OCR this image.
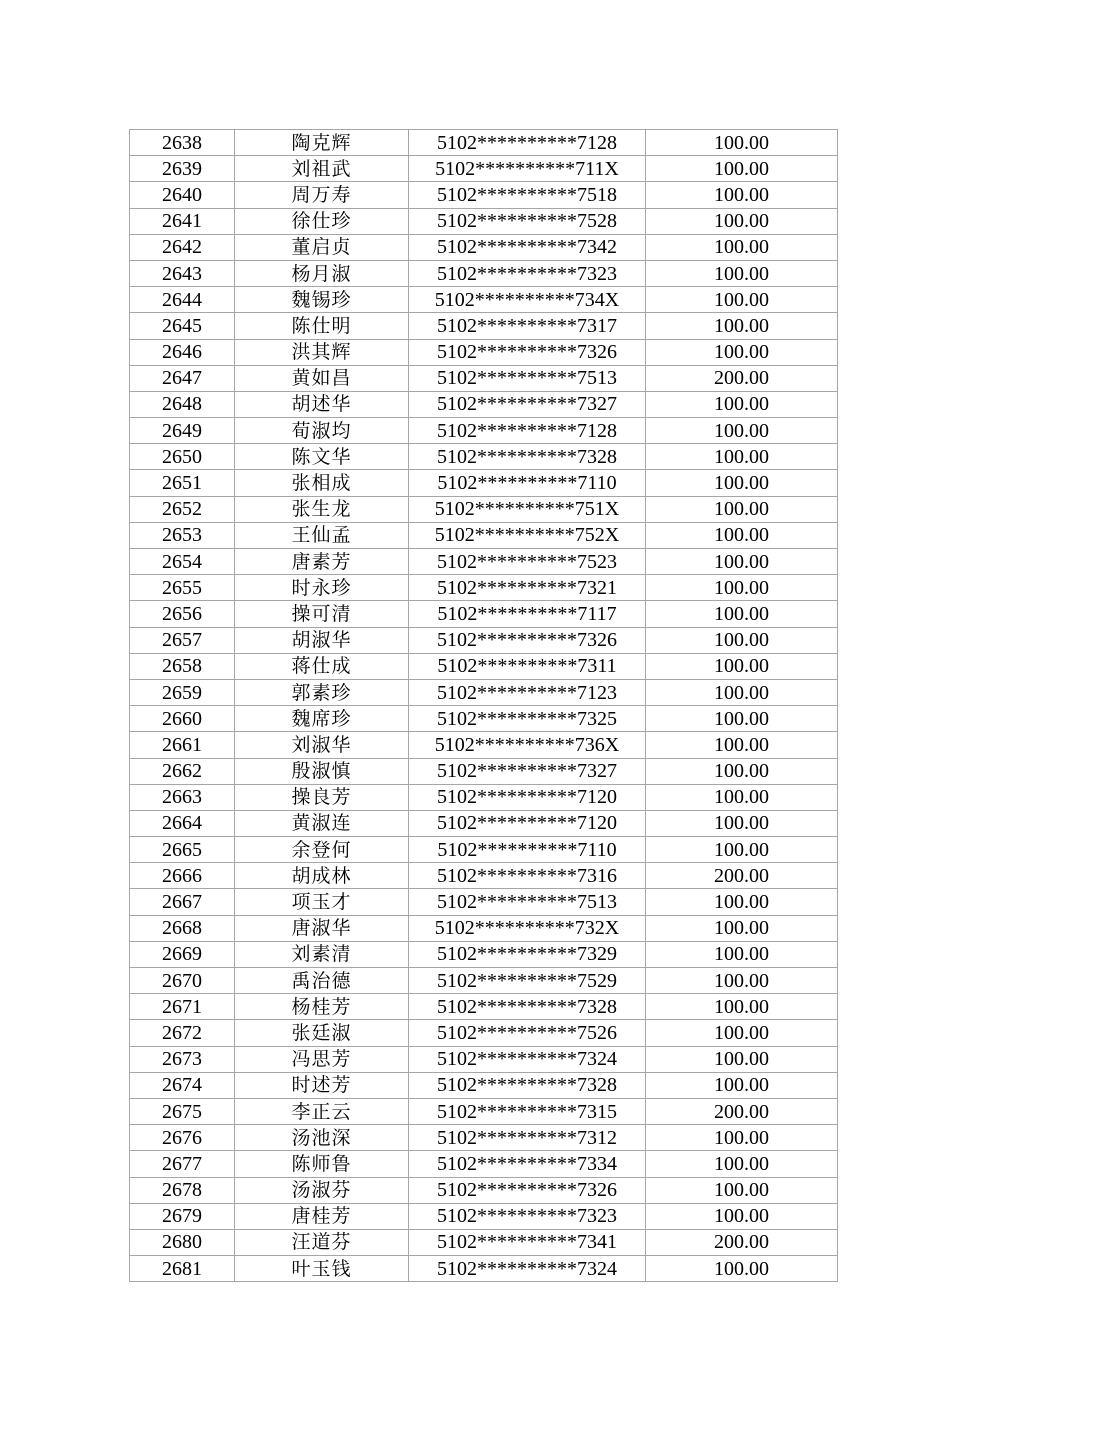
2638	陶克辉	5102**********7128	100.00
2639	刘祖武	5102**********711X	100.00
2640	周万寿	5102**********7518	100.00
2641	徐仕珍	5102**********7528	100.00
2642	董启贞	5102**********7342	100.00
2643	杨月淑	5102**********7323	100.00
2644	魏锡珍	5102**********734X	100.00
2645	陈仕明	5102**********7317	100.00
2646	洪其辉	5102**********7326	100.00
2647	黄如昌	5102**********7513	200.00
2648	胡述华	5102**********7327	100.00
2649	荀淑均	5102**********7128	100.00
2650	陈文华	5102**********7328	100.00
2651	张相成	5102**********7110	100.00
2652	张生龙	5102**********751X	100.00
2653	王仙孟	5102**********752X	100.00
2654	唐素芳	5102**********7523	100.00
2655	时永珍	5102**********7321	100.00
2656	操可清	5102**********7117	100.00
2657	胡淑华	5102**********7326	100.00
2658	蒋仕成	5102**********7311	100.00
2659	郭素珍	5102**********7123	100.00
2660	魏席珍	5102**********7325	100.00
2661	刘淑华	5102**********736X	100.00
2662	殷淑慎	5102**********7327	100.00
2663	操良芳	5102**********7120	100.00
2664	黄淑连	5102**********7120	100.00
2665	余登何	5102**********7110	100.00
2666	胡成林	5102**********7316	200.00
2667	项玉才	5102**********7513	100.00
2668	唐淑华	5102**********732X	100.00
2669	刘素清	5102**********7329	100.00
2670	禹治德	5102**********7529	100.00
2671	杨桂芳	5102**********7328	100.00
2672	张廷淑	5102**********7526	100.00
2673	冯思芳	5102**********7324	100.00
2674	时述芳	5102**********7328	100.00
2675	李正云	5102**********7315	200.00
2676	汤池深	5102**********7312	100.00
2677	陈师鲁	5102**********7334	100.00
2678	汤淑芬	5102**********7326	100.00
2679	唐桂芳	5102**********7323	100.00
2680	汪道芬	5102**********7341	200.00
2681	叶玉钱	5102**********7324	100.00
